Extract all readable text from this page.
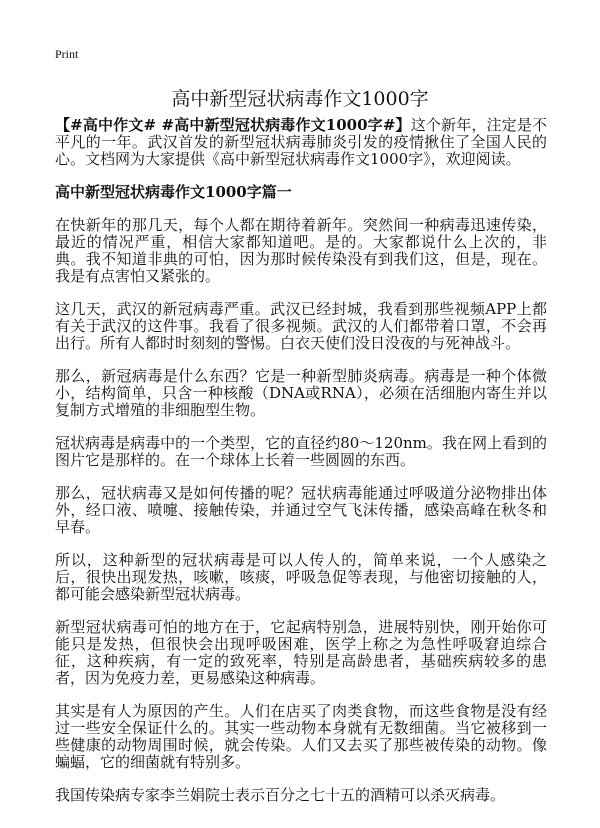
Print
高中新型冠状病毒作文1000字

【#高中作文# #高中新型冠状病毒作文1000字#】这个新年，注定是不平凡的一年。武汉首发的新型冠状病毒肺炎引发的疫情揪住了全国人民的心。文档网为大家提供《高中新型冠状病毒作文1000字》，欢迎阅读。

高中新型冠状病毒作文1000字篇一

在快新年的那几天，每个人都在期待着新年。突然间一种病毒迅速传染，最近的情况严重，相信大家都知道吧。是的。大家都说什么上次的，非典。我不知道非典的可怕，因为那时候传染没有到我们这，但是，现在。我是有点害怕又紧张的。

这几天，武汉的新冠病毒严重。武汉已经封城，我看到那些视频APP上都有关于武汉的这件事。我看了很多视频。武汉的人们都带着口罩，不会再出行。所有人都时时刻刻的警惕。白衣天使们没日没夜的与死神战斗。

那么，新冠病毒是什么东西？它是一种新型肺炎病毒。病毒是一种个体微小，结构简单，只含一种核酸（DNA或RNA），必须在活细胞内寄生并以复制方式增殖的非细胞型生物。

冠状病毒是病毒中的一个类型，它的直径约80～120nm。我在网上看到的图片它是那样的。在一个球体上长着一些圆圆的东西。

那么，冠状病毒又是如何传播的呢？冠状病毒能通过呼吸道分泌物排出体外，经口液、喷嚏、接触传染，并通过空气飞沫传播，感染高峰在秋冬和早春。

所以，这种新型的冠状病毒是可以人传人的，简单来说，一个人感染之后，很快出现发热，咳嗽，咳痰，呼吸急促等表现，与他密切接触的人，都可能会感染新型冠状病毒。

新型冠状病毒可怕的地方在于，它起病特别急，进展特别快，刚开始你可能只是发热，但很快会出现呼吸困难，医学上称之为急性呼吸窘迫综合征，这种疾病，有一定的致死率，特别是高龄患者，基础疾病较多的患者，因为免疫力差，更易感染这种病毒。

其实是有人为原因的产生。人们在店买了肉类食物，而这些食物是没有经过一些安全保证什么的。其实一些动物本身就有无数细菌。当它被移到一些健康的动物周围时候，就会传染。人们又去买了那些被传染的动物。像蝙蝠，它的细菌就有特别多。

我国传染病专家李兰娟院士表示百分之七十五的酒精可以杀灭病毒。
